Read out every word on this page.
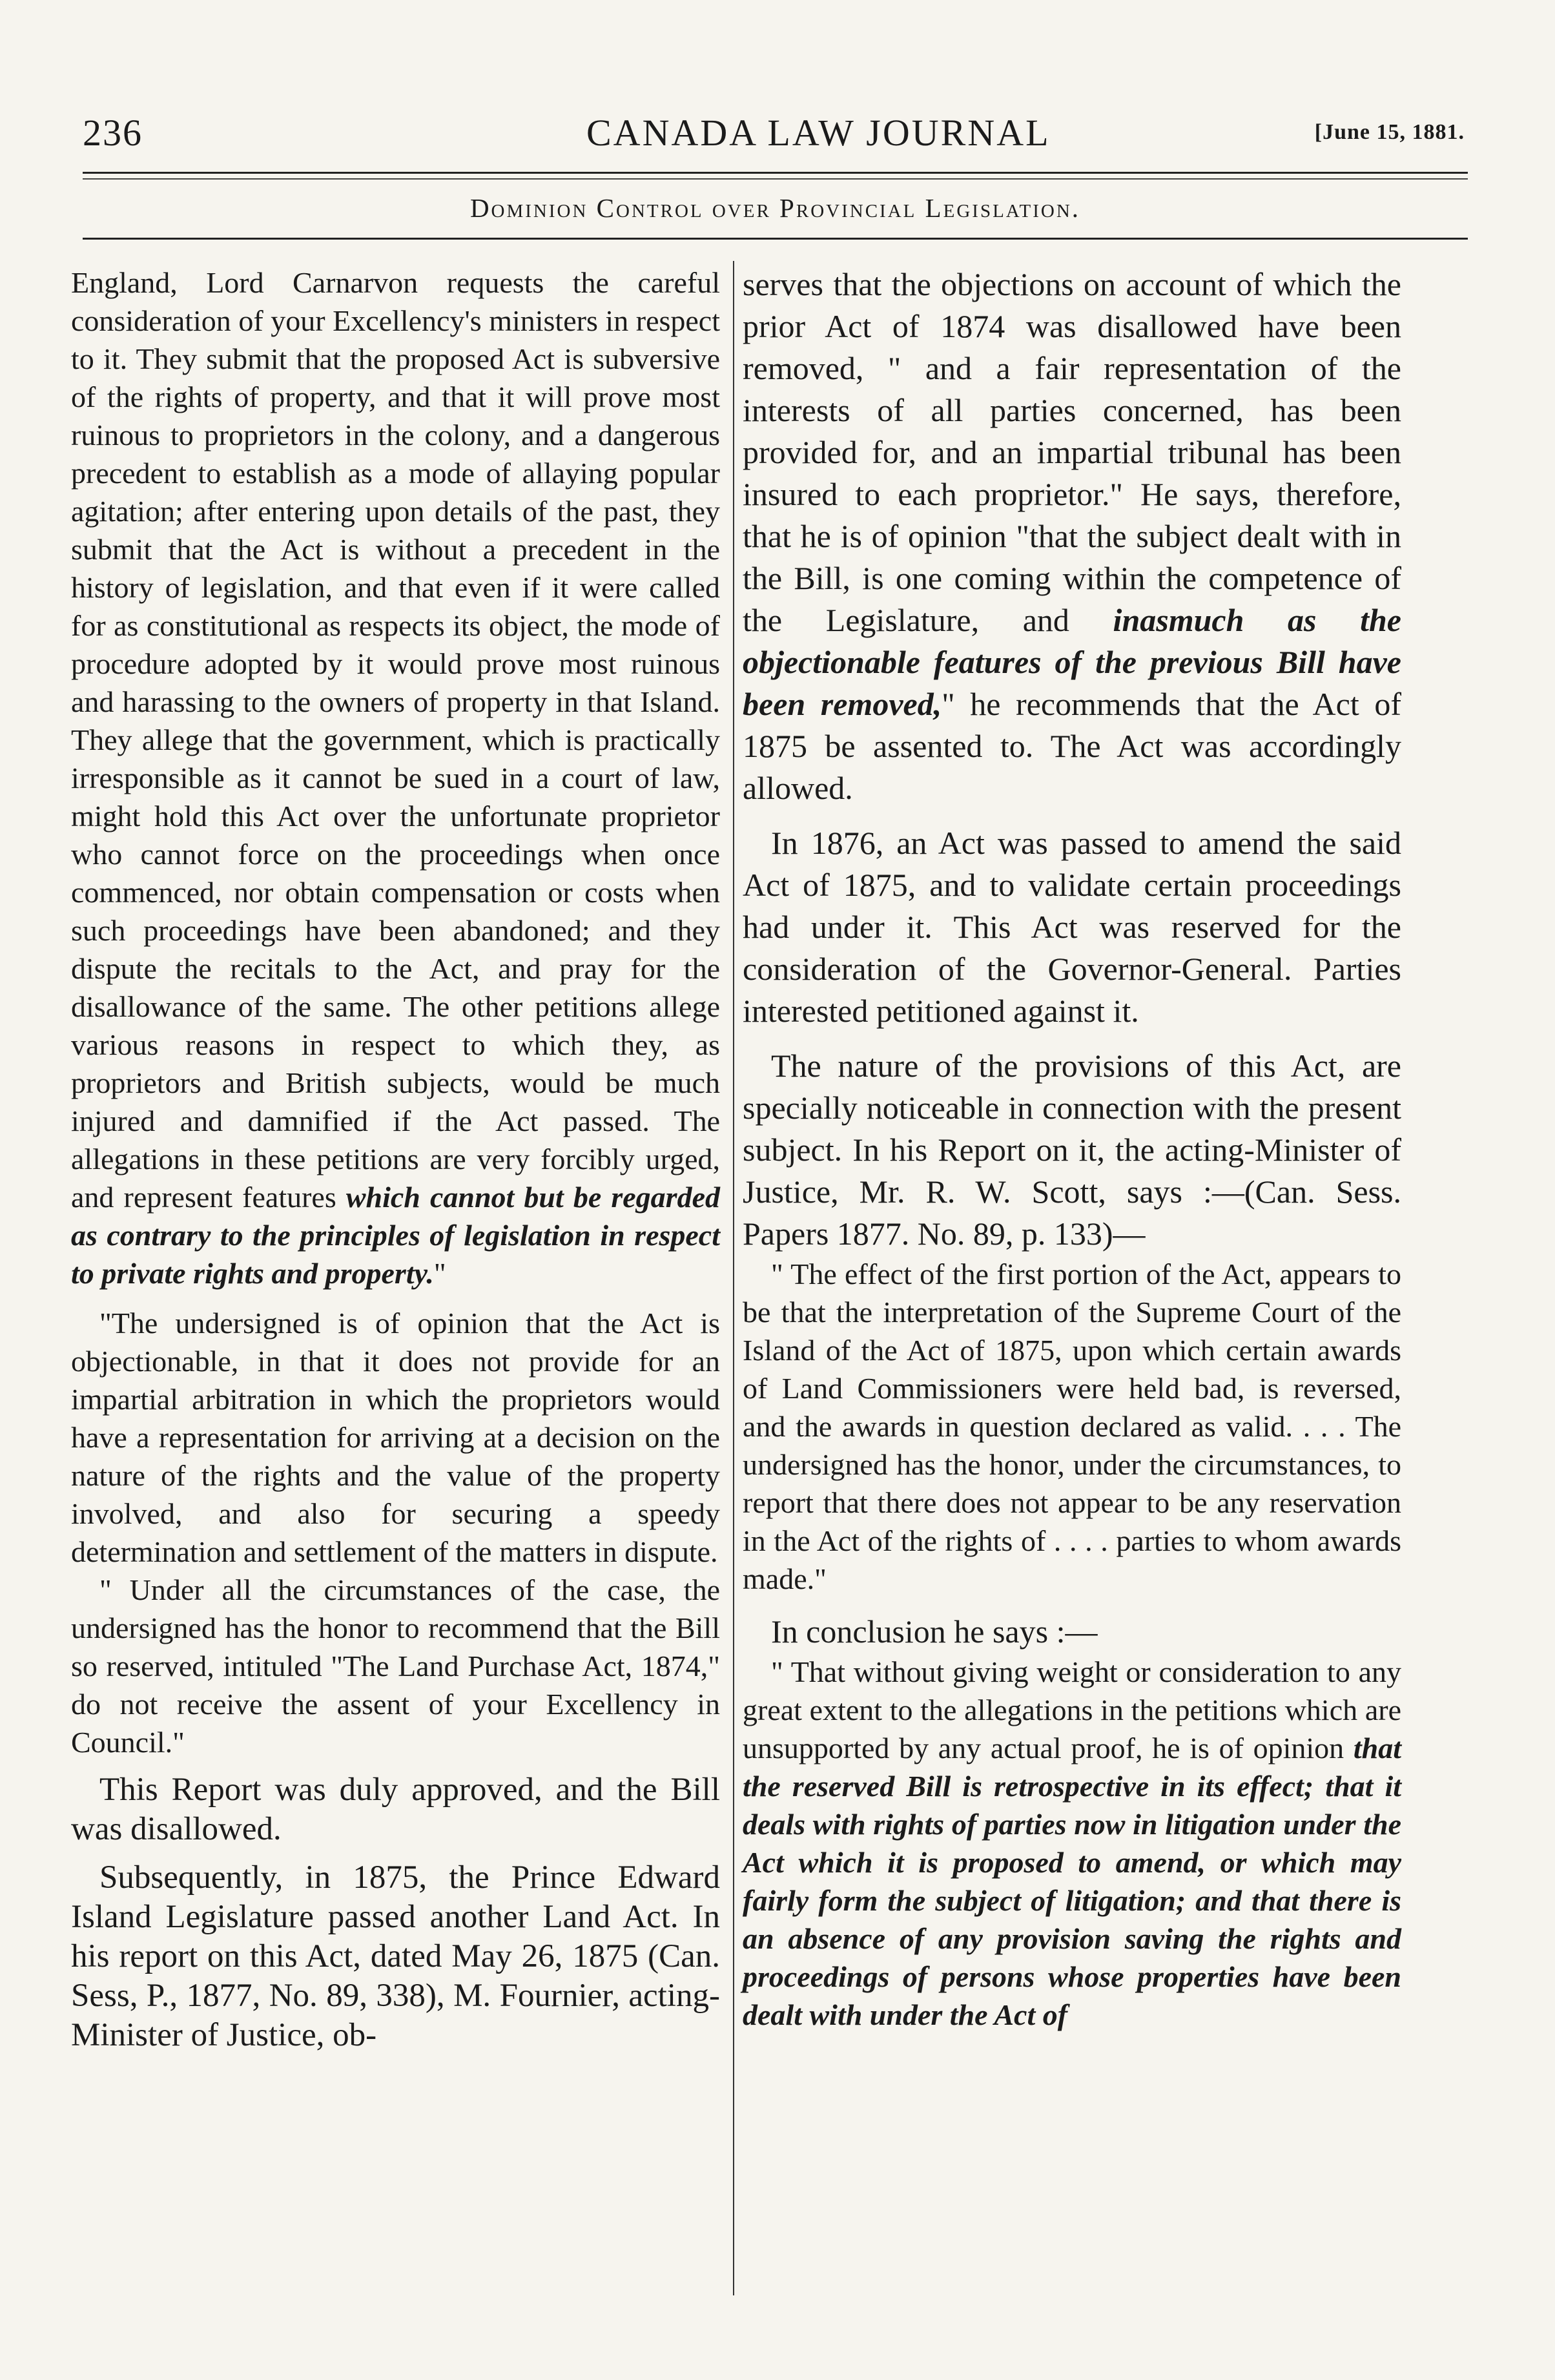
236	CANADA LAW JOURNAL	[June 15, 1881.
Dominion Control over Provincial Legislation.

England, Lord Carnarvon requests the careful consideration of your Excellency's ministers in respect to it. They submit that the proposed Act is subversive of the rights of property, and that it will prove most ruinous to proprietors in the colony, and a dangerous precedent to establish as a mode of allaying popular agitation; after entering upon details of the past, they submit that the Act is without a precedent in the history of legislation, and that even if it were called for as constitutional as respects its object, the mode of procedure adopted by it would prove most ruinous and harassing to the owners of property in that Island. They allege that the government, which is practically irresponsible as it cannot be sued in a court of law, might hold this Act over the unfortunate proprietor who cannot force on the proceedings when once commenced, nor obtain compensation or costs when such proceedings have been abandoned; and they dispute the recitals to the Act, and pray for the disallowance of the same. The other petitions allege various reasons in respect to which they, as proprietors and British subjects, would be much injured and damnified if the Act passed. The allegations in these petitions are very forcibly urged, and represent features which cannot but be regarded as contrary to the principles of legislation in respect to private rights and property."

"The undersigned is of opinion that the Act is objectionable, in that it does not provide for an impartial arbitration in which the proprietors would have a representation for arriving at a decision on the nature of the rights and the value of the property involved, and also for securing a speedy determination and settlement of the matters in dispute.

" Under all the circumstances of the case, the undersigned has the honor to recommend that the Bill so reserved, intituled "The Land Purchase Act, 1874," do not receive the assent of your Excellency in Council."

This Report was duly approved, and the Bill was disallowed.

Subsequently, in 1875, the Prince Edward Island Legislature passed another Land Act. In his report on this Act, dated May 26, 1875 (Can. Sess, P., 1877, No. 89, 338), M. Fournier, acting-Minister of Justice, ob-

serves that the objections on account of which the prior Act of 1874 was disallowed have been removed, " and a fair representation of the interests of all parties concerned, has been provided for, and an impartial tribunal has been insured to each proprietor." He says, therefore, that he is of opinion "that the subject dealt with in the Bill, is one coming within the competence of the Legislature, and inasmuch as the objectionable features of the previous Bill have been removed," he recommends that the Act of 1875 be assented to. The Act was accordingly allowed.

In 1876, an Act was passed to amend the said Act of 1875, and to validate certain proceedings had under it. This Act was reserved for the consideration of the Governor-General. Parties interested petitioned against it.

The nature of the provisions of this Act, are specially noticeable in connection with the present subject. In his Report on it, the acting-Minister of Justice, Mr. R. W. Scott, says :—(Can. Sess. Papers 1877. No. 89, p. 133)—

" The effect of the first portion of the Act, appears to be that the interpretation of the Supreme Court of the Island of the Act of 1875, upon which certain awards of Land Commissioners were held bad, is reversed, and the awards in question declared as valid. . . . The undersigned has the honor, under the circumstances, to report that there does not appear to be any reservation in the Act of the rights of . . . . parties to whom awards made."

In conclusion he says :—

" That without giving weight or consideration to any great extent to the allegations in the petitions which are unsupported by any actual proof, he is of opinion that the reserved Bill is retrospective in its effect; that it deals with rights of parties now in litigation under the Act which it is proposed to amend, or which may fairly form the subject of litigation; and that there is an absence of any provision saving the rights and proceedings of persons whose properties have been dealt with under the Act of
